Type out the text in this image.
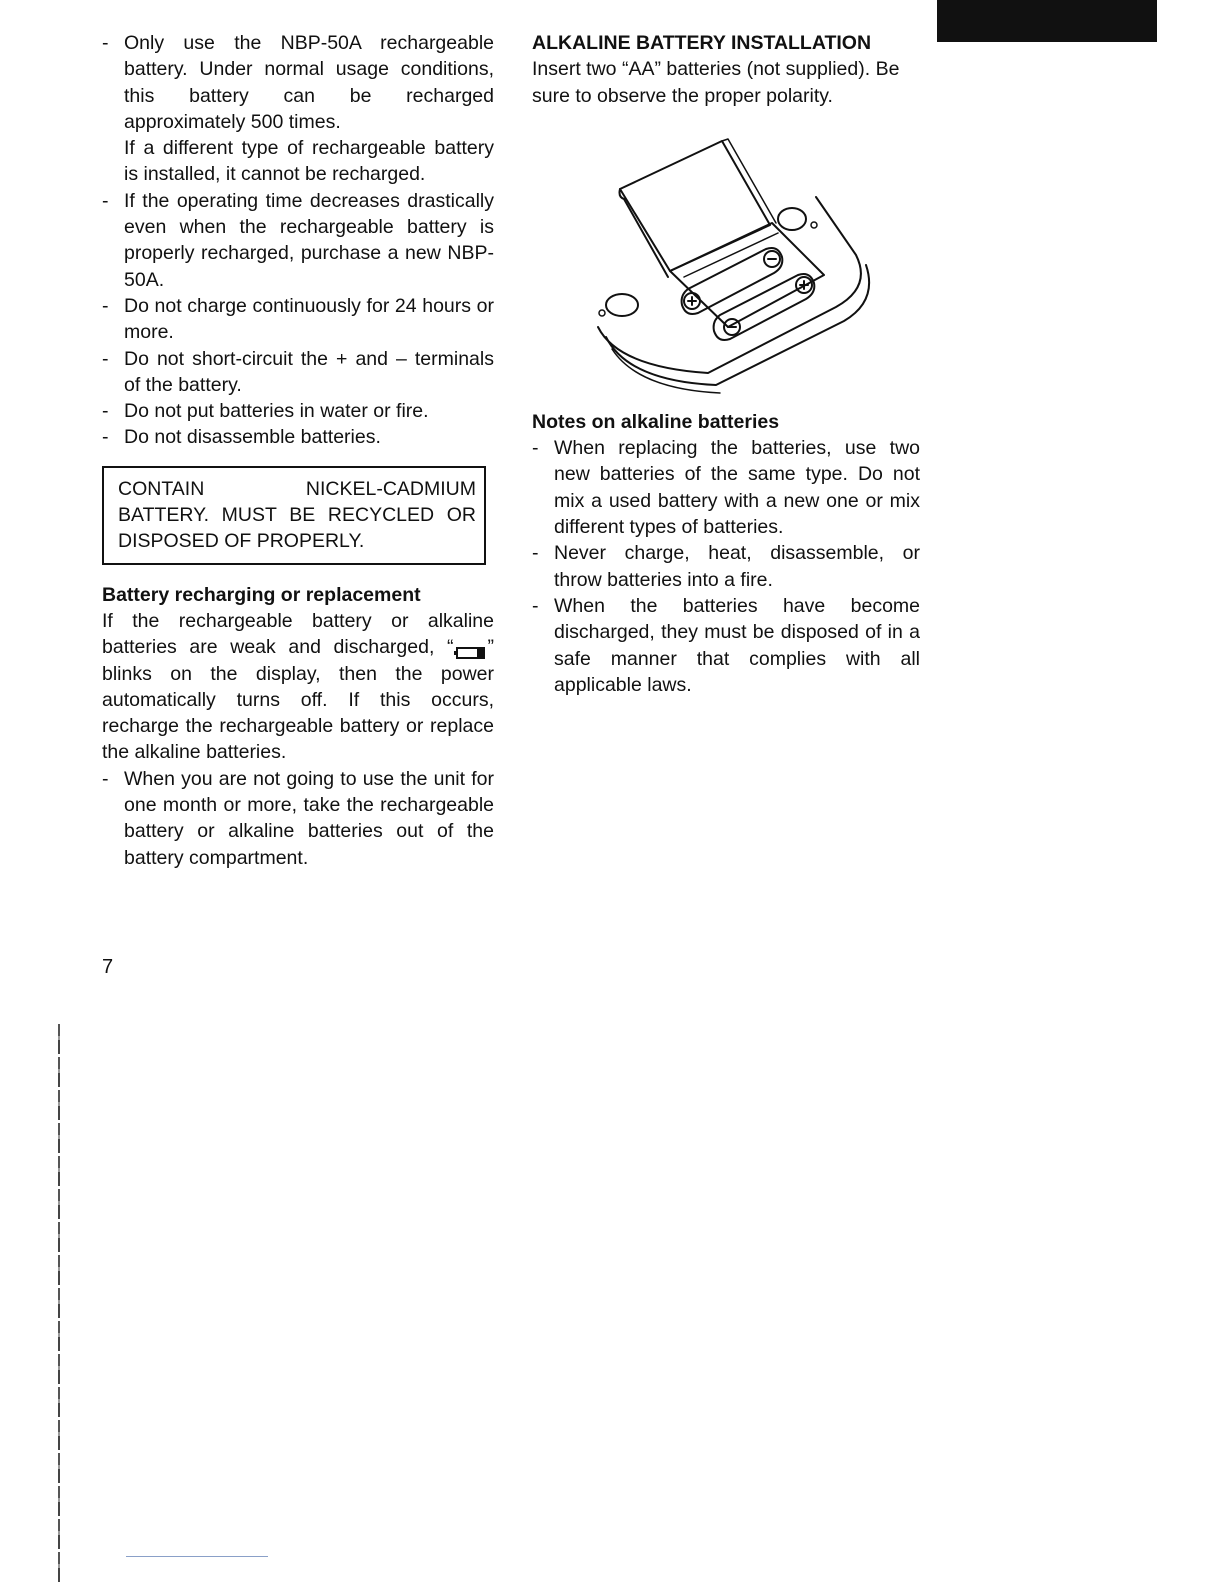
- Only use the NBP-50A rechargeable battery. Under normal usage conditions, this battery can be recharged approximately 500 times.
If a different type of rechargeable battery is installed, it cannot be recharged.
- If the operating time decreases drastically even when the rechargeable battery is properly recharged, purchase a new NBP-50A.
- Do not charge continuously for 24 hours or more.
- Do not short-circuit the + and – terminals of the battery.
- Do not put batteries in water or fire.
- Do not disassemble batteries.
CONTAIN NICKEL-CADMIUM BATTERY. MUST BE RECYCLED OR DISPOSED OF PROPERLY.

Battery recharging or replacement

If the rechargeable battery or alkaline batteries are weak and discharged, “ ” blinks on the display, then the power automatically turns off. If this occurs, recharge the rechargeable battery or replace the alkaline batteries.

- When you are not going to use the unit for one month or more, take the rechargeable battery or alkaline batteries out of the battery compartment.

ALKALINE BATTERY INSTALLATION

Insert two “AA” batteries (not supplied). Be sure to observe the proper polarity.

Notes on alkaline batteries

- When replacing the batteries, use two new batteries of the same type. Do not mix a used battery with a new one or mix different types of batteries.
- Never charge, heat, disassemble, or throw batteries into a fire.
- When the batteries have become discharged, they must be disposed of in a safe manner that complies with all applicable laws.
7
